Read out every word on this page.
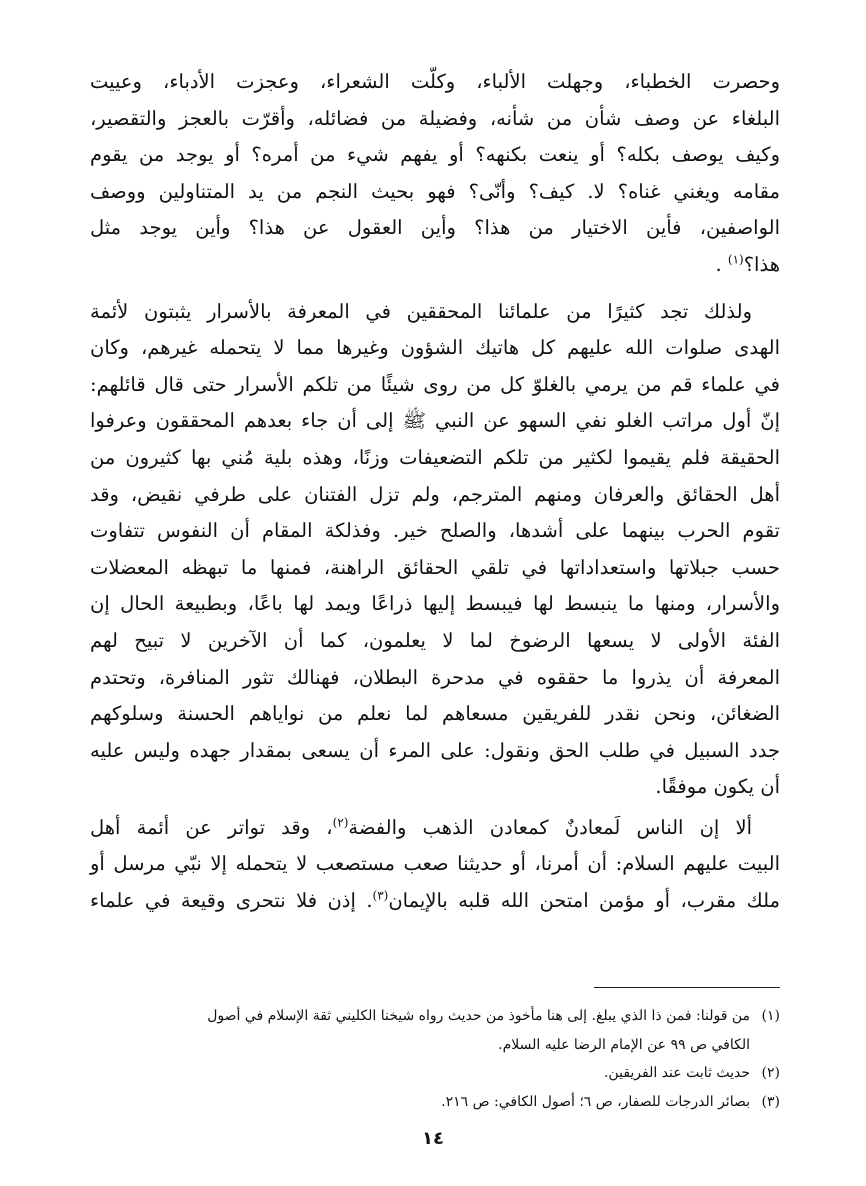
وحصرت الخطباء، وجهلت الألباء، وكلّت الشعراء، وعجزت الأدباء، وعييت
البلغاء عن وصف شأن من شأنه، وفضيلة من فضائله، وأقرّت بالعجز والتقصير،
وكيف يوصف بكله؟ أو ينعت بكنهه؟ أو يفهم شيء من أمره؟ أو يوجد من يقوم
مقامه ويغني غناه؟ لا. كيف؟ وأنّى؟ فهو بحيث النجم من يد المتناولين ووصف
الواصفين، فأين الاختيار من هذا؟ وأين العقول عن هذا؟ وأين يوجد مثل
هذا؟$^{(١)}$ .

ولذلك تجد كثيرًا من علمائنا المحققين في المعرفة بالأسرار يثبتون لأئمة
الهدى صلوات الله عليهم كل هاتيك الشؤون وغيرها مما لا يتحمله غيرهم، وكان
في علماء قم من يرمي بالغلوّ كل من روى شيئًا من تلكم الأسرار حتى قال قائلهم:
إنّ أول مراتب الغلو نفي السهو عن النبي ﷺ إلى أن جاء بعدهم المحققون وعرفوا
الحقيقة فلم يقيموا لكثير من تلكم التضعيفات وزنًا، وهذه بلية مُني بها كثيرون من
أهل الحقائق والعرفان ومنهم المترجم، ولم تزل الفتنان على طرفي نقيض، وقد
تقوم الحرب بينهما على أشدها، والصلح خير. وفذلكة المقام أن النفوس تتفاوت
حسب جبلاتها واستعداداتها في تلقي الحقائق الراهنة، فمنها ما تبهظه المعضلات
والأسرار، ومنها ما ينبسط لها فيبسط إليها ذراعًا ويمد لها باعًا، وبطبيعة الحال إن
الفئة الأولى لا يسعها الرضوخ لما لا يعلمون، كما أن الآخرين لا تبيح لهم
المعرفة أن يذروا ما حققوه في مدحرة البطلان، فهنالك تثور المنافرة، وتحتدم
الضغائن، ونحن نقدر للفريقين مسعاهم لما نعلم من نواياهم الحسنة وسلوكهم
جدد السبيل في طلب الحق ونقول: على المرء أن يسعى بمقدار جهده وليس عليه
أن يكون موفقًا.

ألا إن الناس لَمعادنٌ كمعادن الذهب والفضة$^{(٢)}$، وقد تواتر عن أئمة أهل
البيت عليهم السلام: أن أمرنا، أو حديثنا صعب مستصعب لا يتحمله إلا نبّي مرسل أو
ملك مقرب، أو مؤمن امتحن الله قلبه بالإيمان$^{(٣)}$. إذن فلا نتحرى وقيعة في علماء

(١)من قولنا: فمن ذا الذي يبلغ. إلى هنا مأخوذ من حديث رواه شيخنا الكليني ثقة الإسلام في أصول
الكافي ص ٩٩ عن الإمام الرضا عليه السلام.

(٢)حديث ثابت عند الفريقين.

(٣)بصائر الدرجات للصفار، ص ٦؛ أصول الكافي: ص ٢١٦.

١٤
